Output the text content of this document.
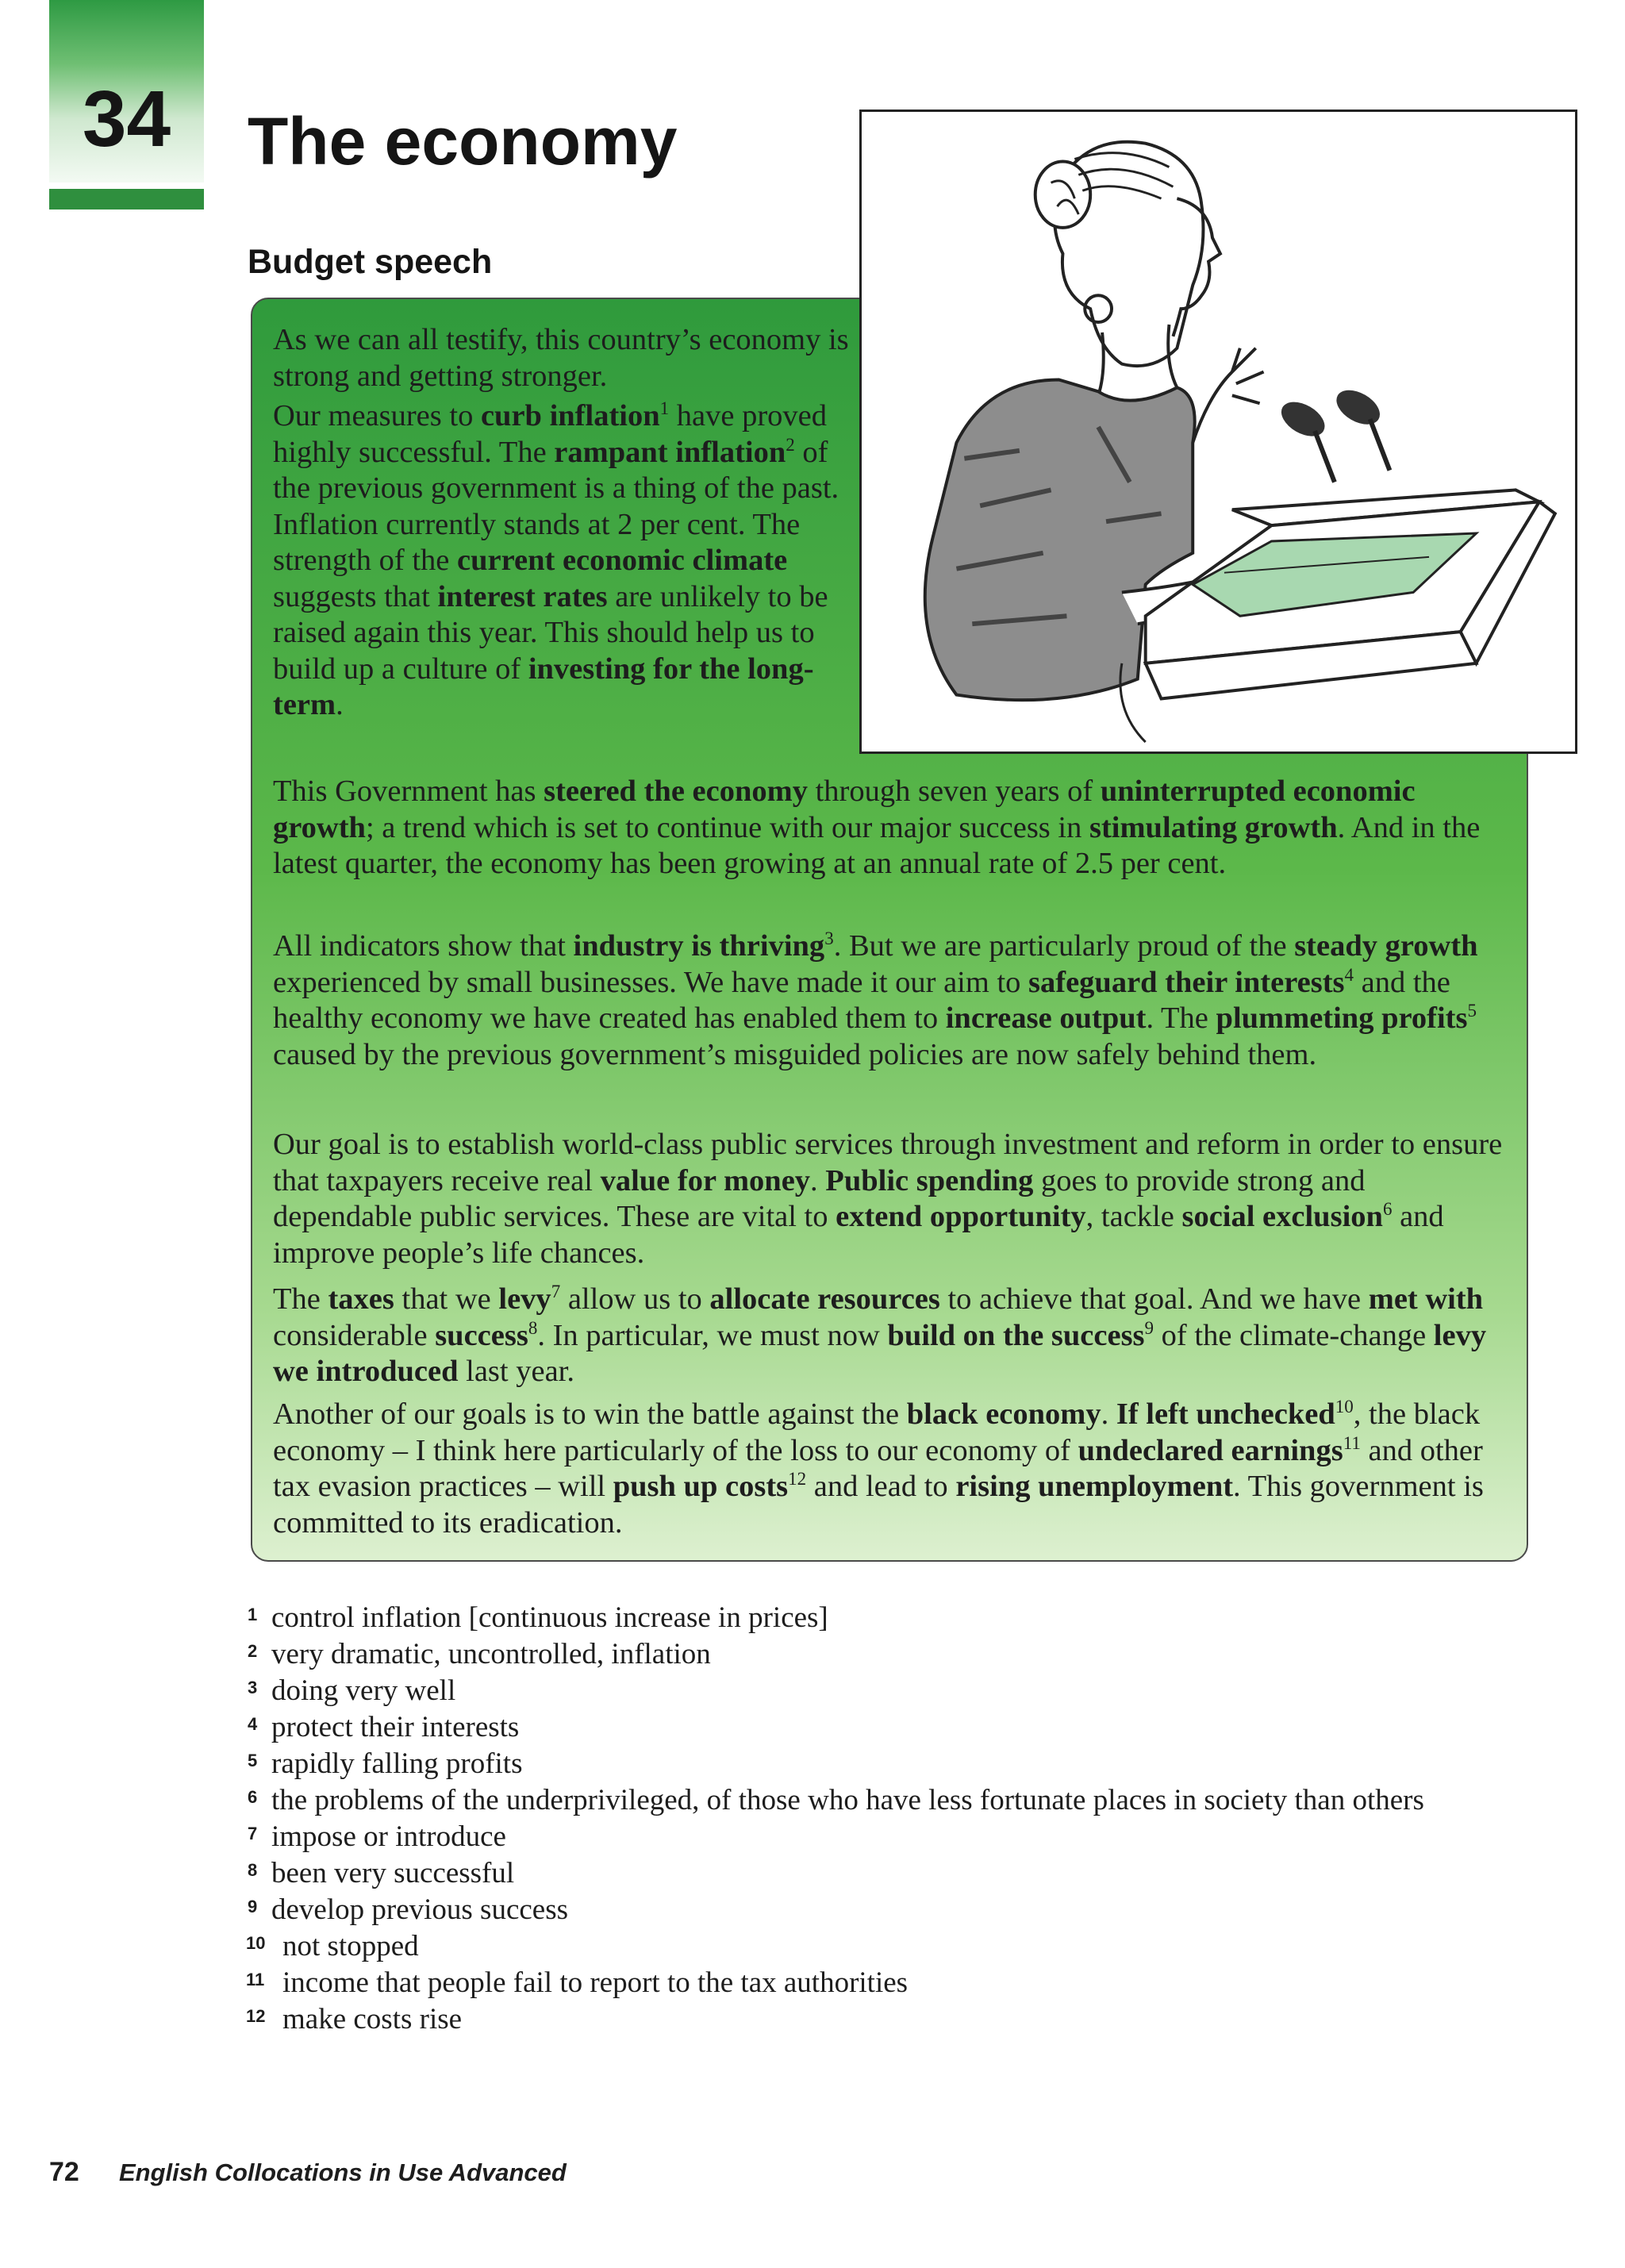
34	The economy
Budget speech
As we can all testify, this country’s economy is strong and getting stronger.
Our measures to curb inflation$^1$ have proved highly successful. The rampant inflation$^2$ of the previous government is a thing of the past. Inflation currently stands at 2 per cent. The strength of the current economic climate suggests that interest rates are unlikely to be raised again this year. This should help us to build up a culture of investing for the long-term.
This Government has steered the economy through seven years of uninterrupted economic growth; a trend which is set to continue with our major success in stimulating growth. And in the latest quarter, the economy has been growing at an annual rate of 2.5 per cent.
All indicators show that industry is thriving$^3$. But we are particularly proud of the steady growth experienced by small businesses. We have made it our aim to safeguard their interests$^4$ and the healthy economy we have created has enabled them to increase output. The plummeting profits$^5$ caused by the previous government’s misguided policies are now safely behind them.
Our goal is to establish world-class public services through investment and reform in order to ensure that taxpayers receive real value for money. Public spending goes to provide strong and dependable public services. These are vital to extend opportunity, tackle social exclusion$^6$ and improve people’s life chances.
The taxes that we levy$^7$ allow us to allocate resources to achieve that goal. And we have met with considerable success$^8$. In particular, we must now build on the success$^9$ of the climate-change levy we introduced last year.
Another of our goals is to win the battle against the black economy. If left unchecked$^{10}$, the black economy – I think here particularly of the loss to our economy of undeclared earnings$^{11}$ and other tax evasion practices – will push up costs$^{12}$ and lead to rising unemployment. This government is committed to its eradication.
1 control inflation [continuous increase in prices]
2 very dramatic, uncontrolled, inflation
3 doing very well
4 protect their interests
5 rapidly falling profits
6 the problems of the underprivileged, of those who have less fortunate places in society than others
7 impose or introduce
8 been very successful
9 develop previous success
10 not stopped
11 income that people fail to report to the tax authorities
12 make costs rise
72 English Collocations in Use Advanced
